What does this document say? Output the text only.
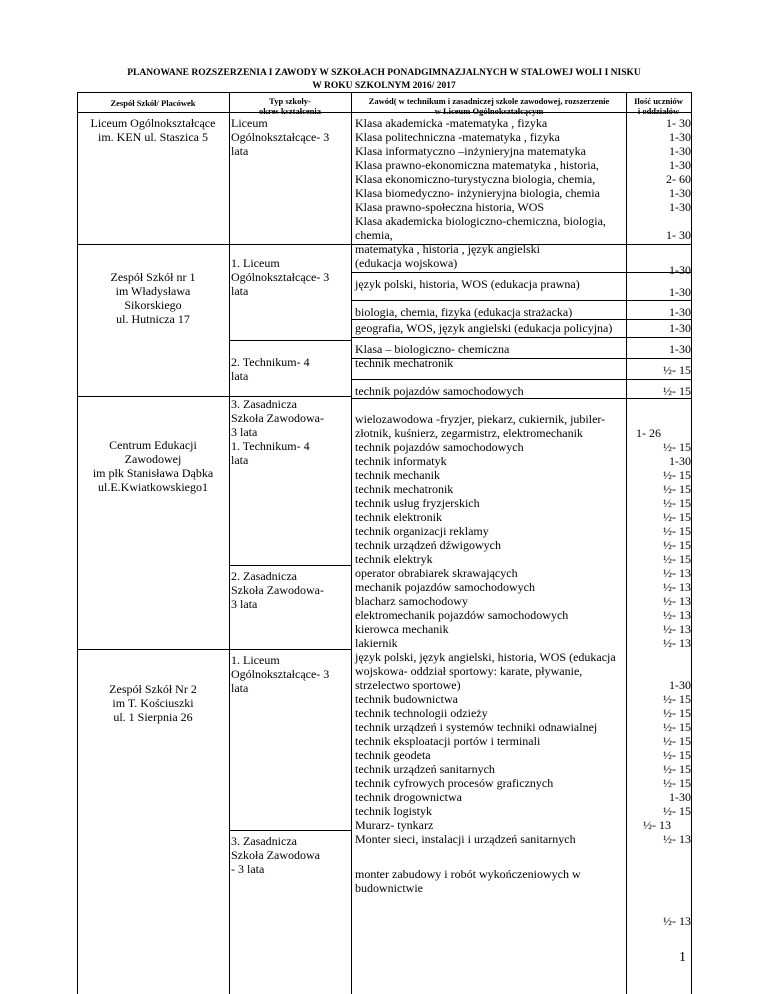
PLANOWANE ROZSZERZENIA I ZAWODY W SZKOŁACH PONADGIMNAZJALNYCH W STALOWEJ WOLI I NISKU
W ROKU SZKOLNYM 2016/ 2017
Zespół Szkół/ Placówek	Typ szkoły-
okres kształcenia
Zawód( w technikum i zasadniczej szkole zawodowej, rozszerzenie
w Liceum Ogólnokształcącym
Ilość uczniów
i oddziałów
Liceum Ogólnokształcące
im. KEN ul. Staszica 5
Zespół Szkół nr 1
im Władysława
Sikorskiego
ul. Hutnicza 17
Centrum Edukacji
Zawodowej
im płk Stanisława Dąbka
ul.E.Kwiatkowskiego1
Zespół Szkół Nr 2
im T. Kościuszki
ul. 1 Sierpnia 26
Liceum
Ogólnokształcące- 3
lata
1. Liceum
Ogólnokształcące- 3
lata
2. Technikum- 4
lata
3. Zasadnicza
Szkoła Zawodowa-
3 lata
1. Technikum- 4
lata
2. Zasadnicza
Szkoła Zawodowa-
3 lata
1. Liceum
Ogólnokształcące- 3
lata
3. Zasadnicza
Szkoła Zawodowa
- 3 lata
Klasa akademicka -matematyka , fizyka
Klasa politechniczna -matematyka , fizyka
Klasa informatyczno –inżynieryjna matematyka
Klasa prawno-ekonomiczna matematyka , historia,
Klasa ekonomiczno-turystyczna biologia, chemia,
Klasa biomedyczno- inżynieryjna biologia, chemia
Klasa prawno-społeczna historia, WOS
Klasa akademicka biologiczno-chemiczna, biologia,
chemia,
matematyka , historia , język angielski
(edukacja wojskowa)
język polski, historia, WOS (edukacja prawna)
biologia, chemia, fizyka (edukacja strażacka)
geografia, WOS, język angielski (edukacja policyjna)
Klasa – biologiczno- chemiczna
technik mechatronik
technik pojazdów samochodowych
wielozawodowa -fryzjer, piekarz, cukiernik, jubiler-
złotnik, kuśnierz, zegarmistrz, elektromechanik
technik pojazdów samochodowych
technik informatyk
technik mechanik
technik mechatronik
technik usług fryzjerskich
technik elektronik
technik organizacji reklamy
technik urządzeń dźwigowych
technik elektryk
operator obrabiarek skrawających
mechanik pojazdów samochodowych
blacharz samochodowy
elektromechanik pojazdów samochodowych
kierowca mechanik
lakiernik
język polski, język angielski, historia, WOS (edukacja
wojskowa- oddział sportowy: karate, pływanie,
strzelectwo sportowe)
technik budownictwa
technik technologii odzieży
technik urządzeń i systemów techniki odnawialnej
technik eksploatacji portów i terminali
technik geodeta
technik urządzeń sanitarnych
technik cyfrowych procesów graficznych
technik drogownictwa
technik logistyk
Murarz- tynkarz
Monter sieci, instalacji i urządzeń sanitarnych
monter zabudowy i robót wykończeniowych w
budownictwie
1- 30
1-30
1-30
1-30
2- 60
1-30
1-30
1- 30
1-30
1-30
1-30
1-30
1-30
½- 15
½- 15
1- 26
½- 15
1-30
½- 15
½- 15
½- 15
½- 15
½- 15
½- 15
½- 15
½- 13
½- 13
½- 13
½- 13
½- 13
½- 13
1-30
½- 15
½- 15
½- 15
½- 15
½- 15
½- 15
½- 15
1-30
½- 15
½- 13
½- 13
½- 13
1
